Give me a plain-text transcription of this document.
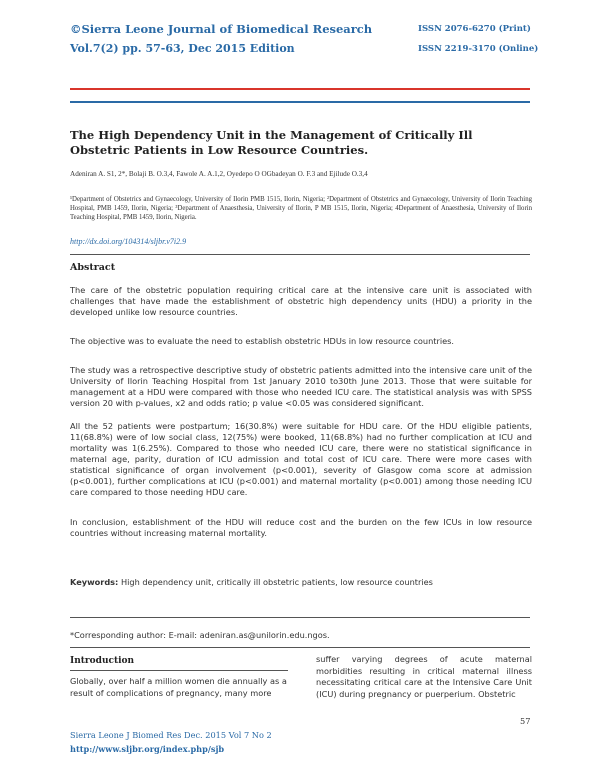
©Sierra Leone Journal of Biomedical Research
Vol.7(2) pp. 57-63, Dec 2015 Edition
ISSN 2076-6270 (Print)
ISSN 2219-3170 (Online)
The High Dependency Unit in the Management of Critically Ill Obstetric Patients in Low Resource Countries.
Adeniran A. S1, 2*, Bolaji B. O.3,4, Fawole A. A.1,2, Oyedepo O OGbadeyan O. F.3 and Ejilude O.3,4
¹Department of Obstetrics and Gynaecology, University of Ilorin PMB 1515, Ilorin, Nigeria; ²Department of Obstetrics and Gynaecology, University of Ilorin Teaching Hospital, PMB 1459, Ilorin, Nigeria; ³Department of Anaesthesia, University of Ilorin, P MB 1515, Ilorin, Nigeria; 4Department of Anaesthesia, University of Ilorin Teaching Hospital, PMB 1459, Ilorin, Nigeria.
http://dx.doi.org/104314/sljbr.v7i2.9
Abstract
The care of the obstetric population requiring critical care at the intensive care unit is associated with challenges that have made the establishment of obstetric high dependency units (HDU) a priority in the developed unlike low resource countries.
The objective was to evaluate the need to establish obstetric HDUs in low resource countries.
The study was a retrospective descriptive study of obstetric patients admitted into the intensive care unit of the University of Ilorin Teaching Hospital from 1st January 2010 to30th June 2013. Those that were suitable for management at a HDU were compared with those who needed ICU care. The statistical analysis was with SPSS version 20 with p-values, x2 and odds ratio; p value <0.05 was considered significant.
All the 52 patients were postpartum; 16(30.8%) were suitable for HDU care. Of the HDU eligible patients, 11(68.8%) were of low social class, 12(75%) were booked, 11(68.8%) had no further complication at ICU and mortality was 1(6.25%). Compared to those who needed ICU care, there were no statistical significance in maternal age, parity, duration of ICU admission and total cost of ICU care. There were more cases with statistical significance of organ involvement (p<0.001), severity of Glasgow coma score at admission (p<0.001), further complications at ICU (p<0.001) and maternal mortality (p<0.001) among those needing ICU care compared to those needing HDU care.
In conclusion, establishment of the HDU will reduce cost and the burden on the few ICUs in low resource countries without increasing maternal mortality.
Keywords: High dependency unit, critically ill obstetric patients, low resource countries
*Corresponding author: E-mail: adeniran.as@unilorin.edu.ngos.
Introduction
Globally, over half a million women die annually as a result of complications of pregnancy, many more
suffer varying degrees of acute maternal morbidities resulting in critical maternal illness necessitating critical care at the Intensive Care Unit (ICU) during pregnancy or puerperium. Obstetric
57
Sierra Leone J Biomed Res Dec. 2015 Vol 7 No 2
http://www.sljbr.org/index.php/sjb
